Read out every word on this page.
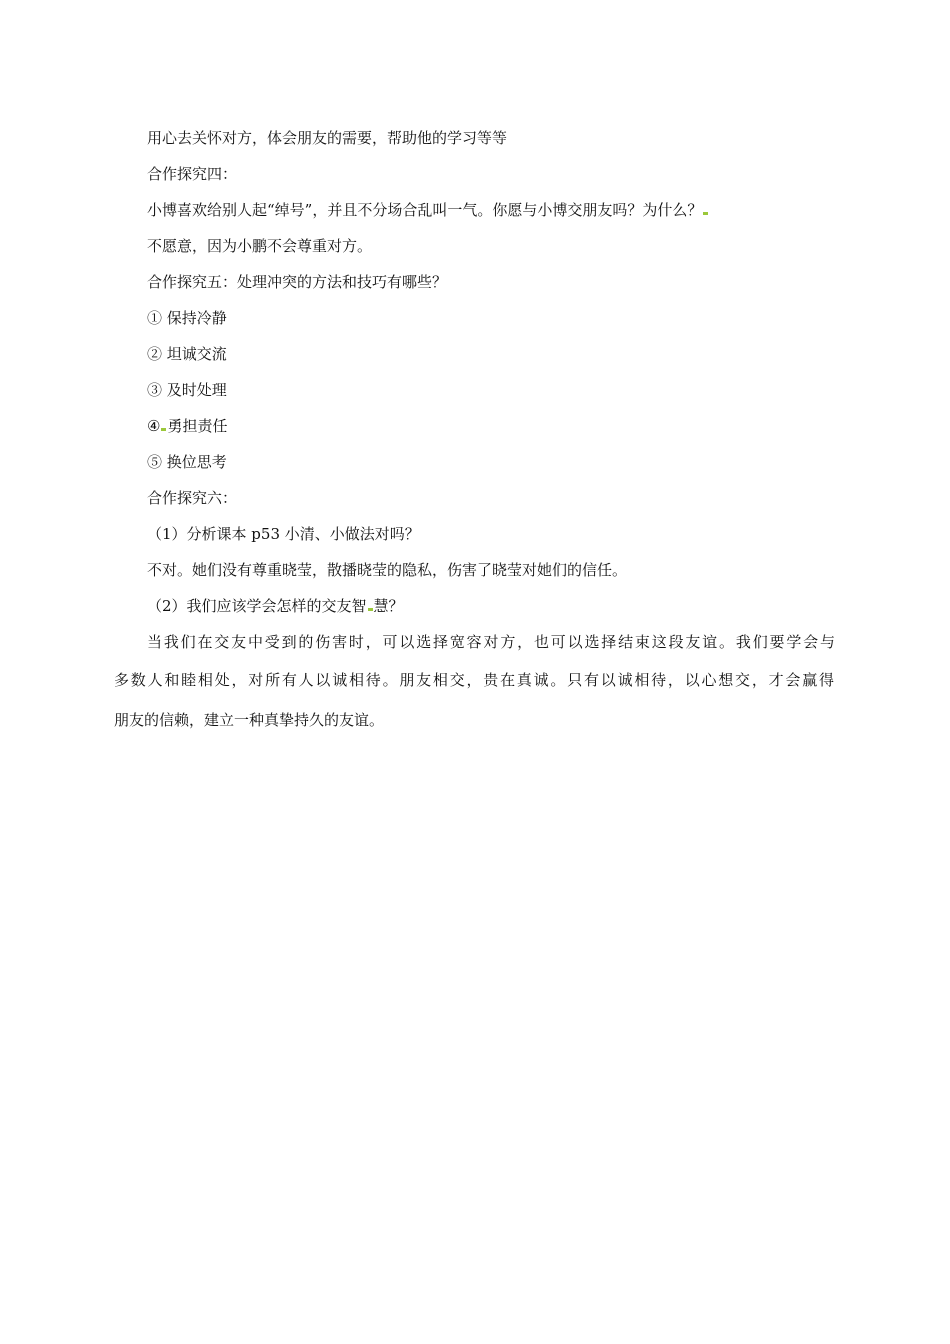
用心去关怀对方，体会朋友的需要，帮助他的学习等等
合作探究四：
小博喜欢给别人起“绰号”，并且不分场合乱叫一气。你愿与小博交朋友吗？为什么？
不愿意，因为小鹏不会尊重对方。
合作探究五：处理冲突的方法和技巧有哪些？
① 保持冷静
② 坦诚交流
③ 及时处理
④ 勇担责任
⑤ 换位思考
合作探究六：
（1）分析课本 p53 小清、小做法对吗？
不对。她们没有尊重晓莹，散播晓莹的隐私，伤害了晓莹对她们的信任。
（2）我们应该学会怎样的交友智 慧？
当我们在交友中受到的伤害时，可以选择宽容对方，也可以选择结束这段友谊。我们要学会与
多数人和睦相处，对所有人以诚相待。朋友相交，贵在真诚。只有以诚相待，以心想交，才会赢得
朋友的信赖，建立一种真挚持久的友谊。
